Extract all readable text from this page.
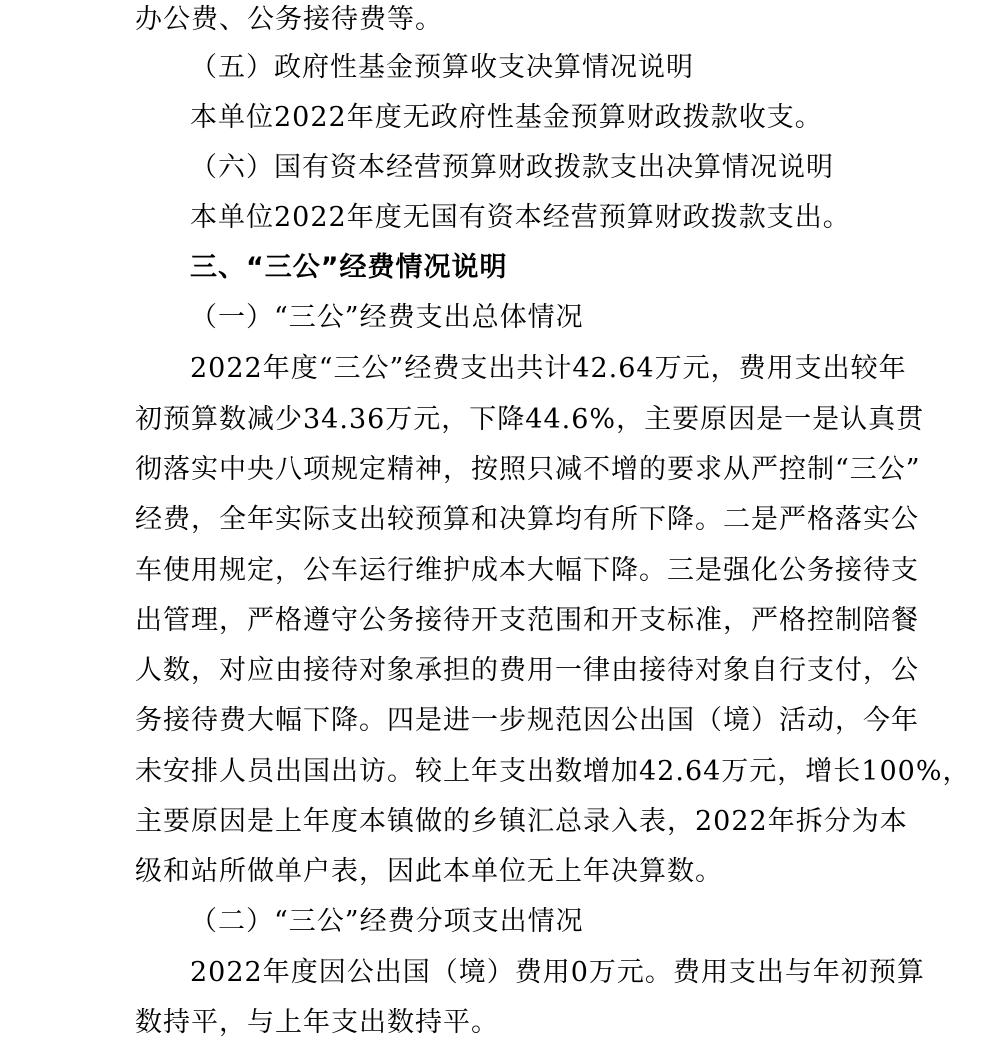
办公费、公务接待费等。
（五）政府性基金预算收支决算情况说明
本单位2022年度无政府性基金预算财政拨款收支。
（六）国有资本经营预算财政拨款支出决算情况说明
本单位2022年度无国有资本经营预算财政拨款支出。
三、“三公”经费情况说明
（一）“三公”经费支出总体情况
2022年度“三公”经费支出共计42.64万元，费用支出较年
初预算数减少34.36万元，下降44.6%，主要原因是一是认真贯
彻落实中央八项规定精神，按照只减不增的要求从严控制“三公”
经费，全年实际支出较预算和决算均有所下降。二是严格落实公
车使用规定，公车运行维护成本大幅下降。三是强化公务接待支
出管理，严格遵守公务接待开支范围和开支标准，严格控制陪餐
人数，对应由接待对象承担的费用一律由接待对象自行支付，公
务接待费大幅下降。四是进一步规范因公出国（境）活动，今年
未安排人员出国出访。较上年支出数增加42.64万元，增长100%，
主要原因是上年度本镇做的乡镇汇总录入表，2022年拆分为本
级和站所做单户表，因此本单位无上年决算数。
（二）“三公”经费分项支出情况
2022年度因公出国（境）费用0万元。费用支出与年初预算
数持平，与上年支出数持平。
